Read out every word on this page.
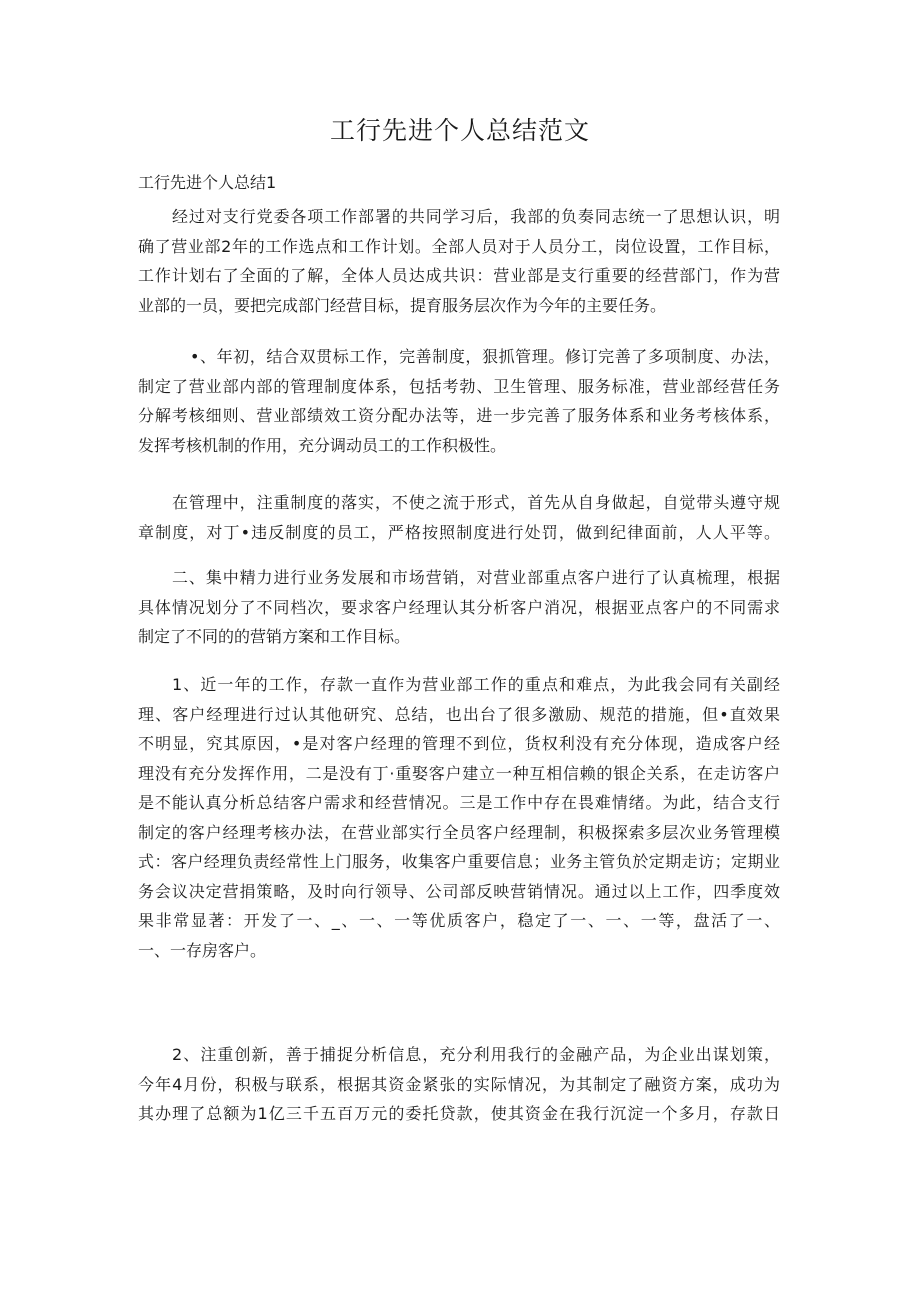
工行先进个人总结范文

工行先进个人总结1

经过对支行党委各项工作部署的共同学习后，我部的负奏同志统一了思想认识，明
确了营业部2年的工作选点和工作计划。全部人员对于人员分工，岗位设置，工作目标，
工作计划右了全面的了解，全体人员达成共识：营业部是支行重要的经营部门，作为营
业部的一员，要把完成部门经营目标，提育服务层次作为今年的主要任务。
•、年初，结合双贯标工作，完善制度，狠抓管理。修订完善了多项制度、办法，
制定了营业部内部的管理制度体系，包括考勃、卫生管理、服务标准，营业部经营任务
分解考核细则、营业部绩效工资分配办法等，进一步完善了服务体系和业务考核体系，
发挥考核机制的作用，充分调动员工的工作积极性。
在管理中，注重制度的落实，不使之流于形式，首先从自身做起，自觉带头遵守规
章制度，对丁•违反制度的员工，严格按照制度进行处罚，做到纪律面前，人人平等。
二、集中精力进行业务发展和市场营销，对营业部重点客户进行了认真梳理，根据
具体情况划分了不同档次，要求客户经理认其分析客户消况，根据亚点客户的不同需求
制定了不同的的营销方案和工作目标。
1、近一年的工作，存款一直作为营业部工作的重点和难点，为此我会同有关副经
理、客户经理进行过认其他研究、总结，也出台了很多激励、规范的措施，但•直效果
不明显，究其原因，•是对客户经理的管理不到位，货权利没有充分体现，造成客户经
理没有充分发挥作用，二是没有丁·重娶客户建立一种互相信赖的银企关系，在走访客户
是不能认真分析总结客户需求和经营情况。三是工作中存在畏难情绪。为此，结合支行
制定的客户经理考核办法，在营业部实行全员客户经理制，积极探索多层次业务管理模
式：客户经理负责经常性上门服务，收集客户重要信息；业务主管负於定期走访；定期业
务会议决定营捐策略，及时向行领导、公司部反映营销情况。通过以上工作，四季度效
果非常显著：开发了一、_、一、一等优质客户，稳定了一、一、一等，盘活了一、
一、一存房客户。
2、注重创新，善于捕捉分析信息，充分利用我行的金融产品，为企业出谋划策，
今年4月份，积极与联系，根据其资金紧张的实际情况，为其制定了融资方案，成功为
其办理了总额为1亿三千五百万元的委托贷款，使其资金在我行沉淀一个多月，存款日
